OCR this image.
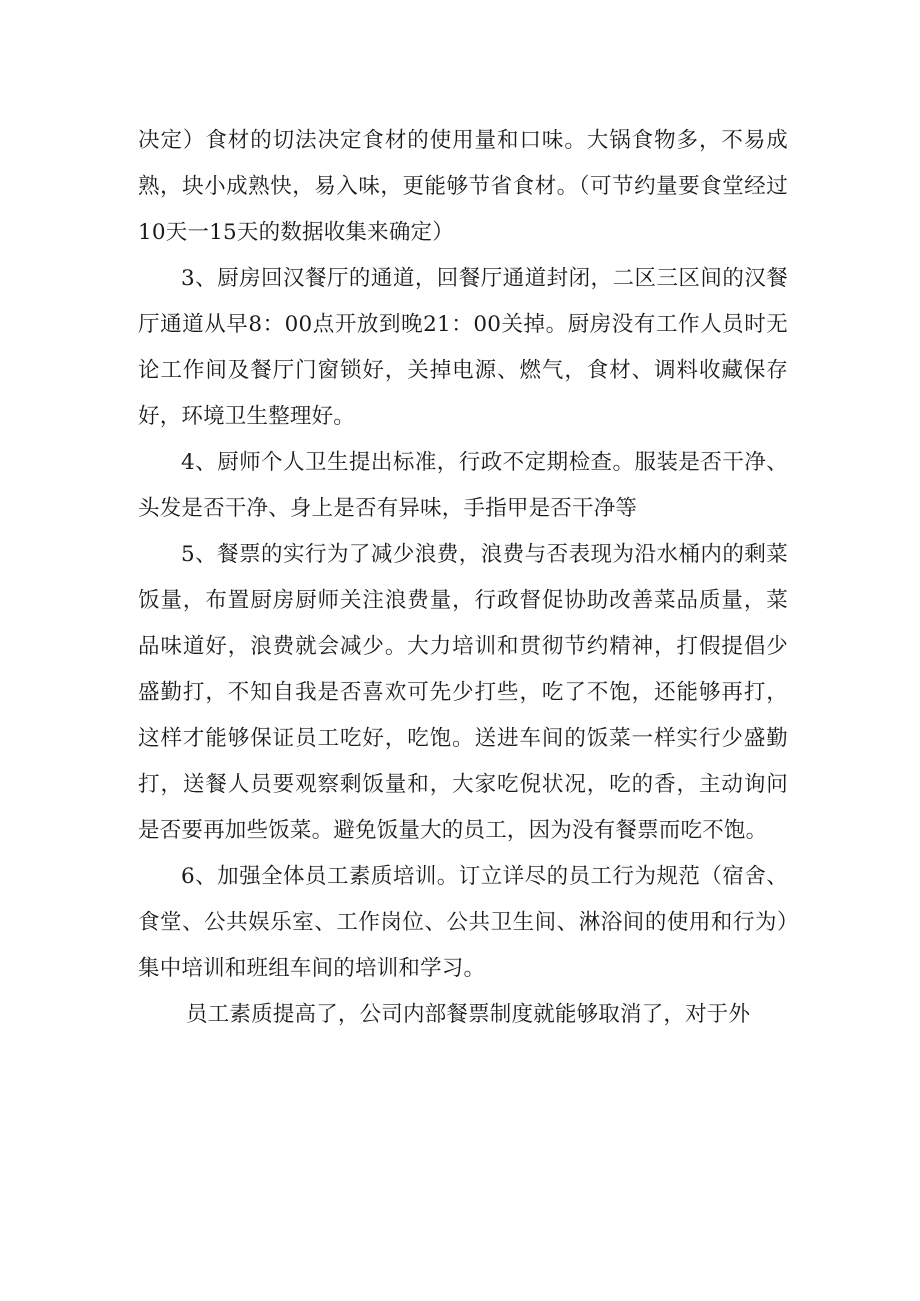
决定）食材的切法决定食材的使用量和口味。大锅食物多，不易成熟，块小成熟快，易入味，更能够节省食材。（可节约量要食堂经过10天一15天的数据收集来确定）

3、厨房回汉餐厅的通道，回餐厅通道封闭，二区三区间的汉餐厅通道从早8：00点开放到晚21：00关掉。厨房没有工作人员时无论工作间及餐厅门窗锁好，关掉电源、燃气，食材、调料收藏保存好，环境卫生整理好。

4、厨师个人卫生提出标准，行政不定期检查。服装是否干净、头发是否干净、身上是否有异味，手指甲是否干净等

5、餐票的实行为了减少浪费，浪费与否表现为沿水桶内的剩菜饭量，布置厨房厨师关注浪费量，行政督促协助改善菜品质量，菜品味道好，浪费就会减少。大力培训和贯彻节约精神，打假提倡少盛勤打，不知自我是否喜欢可先少打些，吃了不饱，还能够再打，这样才能够保证员工吃好，吃饱。送进车间的饭菜一样实行少盛勤打，送餐人员要观察剩饭量和，大家吃倪状况，吃的香，主动询问是否要再加些饭菜。避免饭量大的员工，因为没有餐票而吃不饱。

6、加强全体员工素质培训。订立详尽的员工行为规范（宿舍、食堂、公共娱乐室、工作岗位、公共卫生间、淋浴间的使用和行为）集中培训和班组车间的培训和学习。

员工素质提高了，公司内部餐票制度就能够取消了，对于外
